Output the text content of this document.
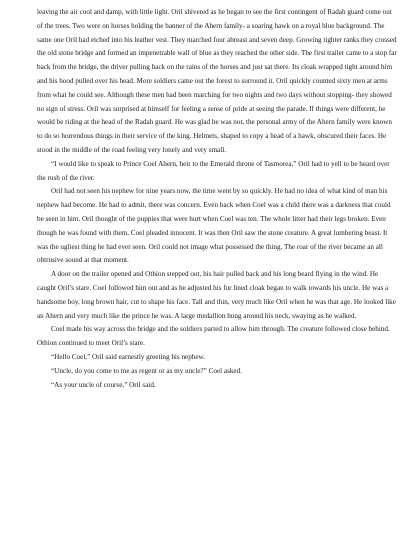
leaving the air cool and damp, with little light. Oril shivered as he began to see the first contingent of Radah guard come out of the trees. Two were on horses holding the banner of the Ahern family- a soaring hawk on a royal blue background. The same one Oril had etched into his leather vest. They marched four abreast and seven deep. Growing tighter ranks they crossed the old stone bridge and formed an impenetrable wall of blue as they reached the other side. The first trailer came to a stop far back from the bridge, the driver pulling back on the rains of the horses and just sat there. Its cloak wrapped tight around him and his hood pulled over his head. More soldiers came out the forest to surround it. Oril quickly counted sixty men at arms from what he could see. Although these men had been marching for two nights and two days without stopping- they showed no sign of stress. Oril was surprised at himself for feeling a sense of pride at seeing the parade. If things were different, he would be riding at the head of the Radah guard. He was glad he was not, the personal army of the Ahern family were known to do so horrendous things in their service of the king. Helmets, shaped to copy a head of a hawk, obscured their faces. He stood in the middle of the road feeling very lonely and very small.

“I would like to speak to Prince Coel Ahern, heir to the Emerald throne of Tasmorea,” Oril had to yell to be heard over the rush of the river.

Oril had not seen his nephew for nine years now, the time went by so quickly. He had no idea of what kind of man his nephew had become. He had to admit, there was concern. Even back when Coel was a child there was a darkness that could be seen in him. Oril thought of the puppies that were hurt when Coel was ten. The whole litter had their legs broken. Even though he was found with them, Coel pleaded innocent. It was then Oril saw the stone creature. A great lumbering beast. It was the ugliest thing he had ever seen. Oril could not image what possessed the thing. The roar of the river became an all obtrusive sound at that moment.

A door on the trailer opened and Othion stepped out, his hair pulled back and his long beard flying in the wind. He caught Oril’s stare. Coel followed him out and as he adjusted his fur lined cloak began to walk towards his uncle. He was a handsome boy, long brown hair, cut to shape his face. Tall and thin, very much like Oril when he was that age. He looked like an Ahern and very much like the prince he was. A large medallion hung around his neck, swaying as he walked.

Coel made his way across the bridge and the soldiers parted to allow him through. The creature followed close behind. Othion continued to meet Oril’s stare.

“Hello Coel,” Oril said earnestly greeting his nephew.

“Uncle, do you come to me as regent or as my uncle?” Coel asked.

“As your uncle of course,” Oril said.
